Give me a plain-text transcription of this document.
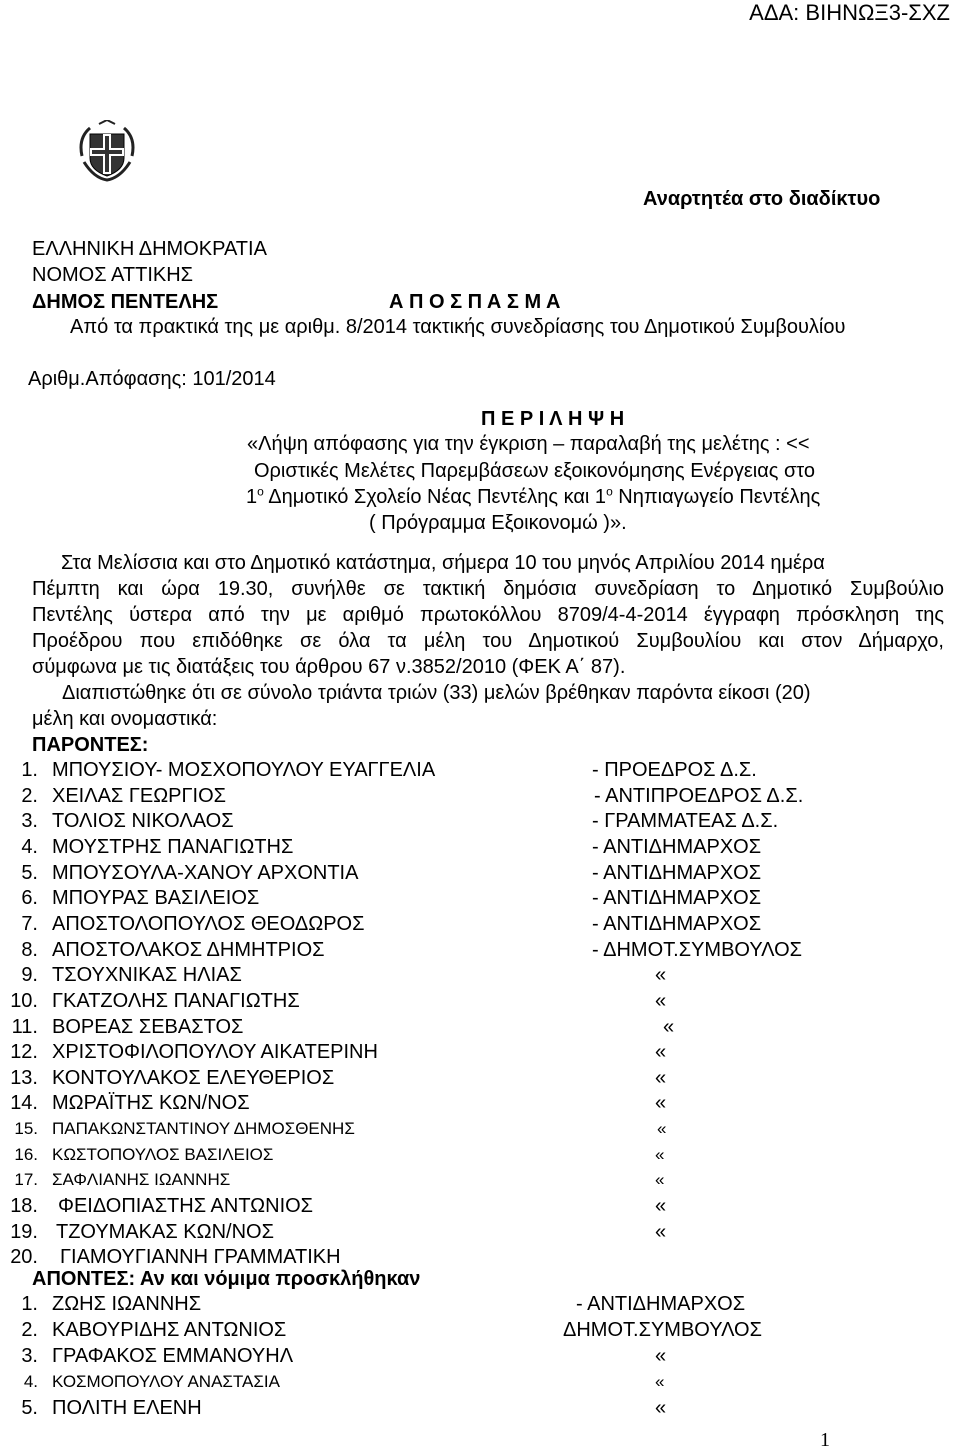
ΑΔΑ: ΒΙΗΝΩΞ3-ΣΧΖ
Αναρτητέα στο διαδίκτυο
ΕΛΛΗΝΙΚΗ ΔΗΜΟΚΡΑΤΙΑ
ΝΟΜΟΣ ΑΤΤΙΚΗΣ
ΔΗΜΟΣ ΠΕΝΤΕΛΗΣ	Α Π Ο Σ Π Α Σ Μ Α
Από τα πρακτικά της με αριθμ. 8/2014 τακτικής συνεδρίασης του Δημοτικού Συμβουλίου
Αριθμ.Απόφασης: 101/2014
Π Ε Ρ Ι Λ Η Ψ Η
«Λήψη απόφασης για την έγκριση – παραλαβή της μελέτης : <<
Οριστικές Μελέτες Παρεμβάσεων εξοικονόμησης Ενέργειας στο
$1^o$ Δημοτικό Σχολείο Νέας Πεντέλης και $1^o$ Νηπιαγωγείο Πεντέλης
( Πρόγραμμα Εξοικονομώ )».
Στα Μελίσσια και στο Δημοτικό κατάστημα, σήμερα 10 του μηνός Απριλίου 2014 ημέρα
Πέμπτη και ώρα 19.30, συνήλθε σε τακτική δημόσια συνεδρίαση το Δημοτικό Συμβούλιο
Πεντέλης ύστερα από την με αριθμό πρωτοκόλλου 8709/4-4-2014 έγγραφη πρόσκληση της
Προέδρου που επιδόθηκε σε όλα τα μέλη του Δημοτικού Συμβουλίου και στον Δήμαρχο,
σύμφωνα με τις διατάξεις του άρθρου 67 ν.3852/2010 (ΦΕΚ Α΄ 87).
Διαπιστώθηκε ότι σε σύνολο τριάντα τριών (33) μελών βρέθηκαν παρόντα είκοσι (20)
μέλη και ονομαστικά:
ΠΑΡΟΝΤΕΣ:
1. ΜΠΟΥΣΙΟΥ- ΜΟΣΧΟΠΟΥΛΟΥ ΕΥΑΓΓΕΛΙΑ	- ΠΡΟΕΔΡΟΣ Δ.Σ.
2. ΧΕΙΛΑΣ ΓΕΩΡΓΙΟΣ	- ΑΝΤΙΠΡΟΕΔΡΟΣ Δ.Σ.
3. ΤΟΛΙΟΣ ΝΙΚΟΛΑΟΣ	- ΓΡΑΜΜΑΤΕΑΣ Δ.Σ.
4. ΜΟΥΣΤΡΗΣ ΠΑΝΑΓΙΩΤΗΣ	- ΑΝΤΙΔΗΜΑΡΧΟΣ
5. ΜΠΟΥΣΟΥΛΑ-ΧΑΝΟΥ ΑΡΧΟΝΤΙΑ	- ΑΝΤΙΔΗΜΑΡΧΟΣ
6. ΜΠΟΥΡΑΣ ΒΑΣΙΛΕΙΟΣ	- ΑΝΤΙΔΗΜΑΡΧΟΣ
7. ΑΠΟΣΤΟΛΟΠΟΥΛΟΣ ΘΕΟΔΩΡΟΣ	- ΑΝΤΙΔΗΜΑΡΧΟΣ
8. ΑΠΟΣΤΟΛΑΚΟΣ ΔΗΜΗΤΡΙΟΣ	- ΔΗΜΟΤ.ΣΥΜΒΟΥΛΟΣ
9. ΤΣΟΥΧΝΙΚΑΣ ΗΛΙΑΣ	«
10. ΓΚΑΤΖΟΛΗΣ ΠΑΝΑΓΙΩΤΗΣ	«
11. ΒΟΡΕΑΣ ΣΕΒΑΣΤΟΣ	«
12. ΧΡΙΣΤΟΦΙΛΟΠΟΥΛΟΥ ΑΙΚΑΤΕΡΙΝΗ	«
13. ΚΟΝΤΟΥΛΑΚΟΣ ΕΛΕΥΘΕΡΙΟΣ	«
14. ΜΩΡΑΪΤΗΣ ΚΩΝ/ΝΟΣ	«
15. ΠΑΠΑΚΩΝΣΤΑΝΤΙΝΟΥ ΔΗΜΟΣΘΕΝΗΣ	«
16. ΚΩΣΤΟΠΟΥΛΟΣ ΒΑΣΙΛΕΙΟΣ	«
17. ΣΑΦΛΙΑΝΗΣ ΙΩΑΝΝΗΣ	«
18. ΦΕΙΔΟΠΙΑΣΤΗΣ ΑΝΤΩΝΙΟΣ	«
19. ΤΖΟΥΜΑΚΑΣ ΚΩΝ/ΝΟΣ	«
20. ΓΙΑΜΟΥΓΙΑΝΝΗ ΓΡΑΜΜΑΤΙΚΗ
ΑΠΟΝΤΕΣ: Αν και νόμιμα προσκλήθηκαν
1. ΖΩΗΣ ΙΩΑΝΝΗΣ	- ΑΝΤΙΔΗΜΑΡΧΟΣ
2. ΚΑΒΟΥΡΙΔΗΣ ΑΝΤΩΝΙΟΣ	ΔΗΜΟΤ.ΣΥΜΒΟΥΛΟΣ
3. ΓΡΑΦΑΚΟΣ ΕΜΜΑΝΟΥΗΛ	«
4. ΚΟΣΜΟΠΟΥΛΟΥ ΑΝΑΣΤΑΣΙΑ	«
5. ΠΟΛΙΤΗ ΕΛΕΝΗ	«
1
